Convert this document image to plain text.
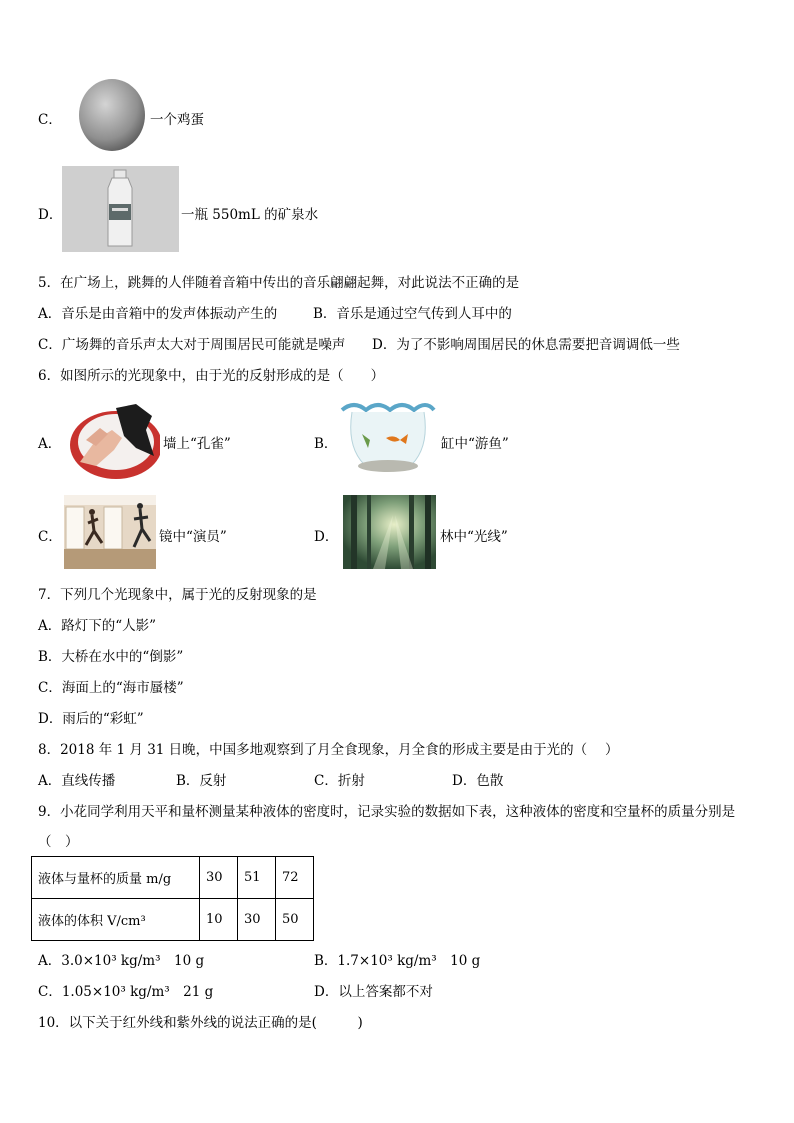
C．	一个鸡蛋
D．	一瓶 550mL 的矿泉水
5．在广场上，跳舞的人伴随着音箱中传出的音乐翩翩起舞，对此说法不正确的是
A．音乐是由音箱中的发声体振动产生的	B．音乐是通过空气传到人耳中的
C．广场舞的音乐声太大对于周围居民可能就是噪声 D．为了不影响周围居民的休息需要把音调调低一些
6．如图所示的光现象中，由于光的反射形成的是（　　）
A．	墙上“孔雀”	B．	缸中“游鱼”
C．	镜中“演员”	D．	林中“光线”
7．下列几个光现象中，属于光的反射现象的是
A．路灯下的“人影”
B．大桥在水中的“倒影”
C．海面上的“海市蜃楼”
D．雨后的“彩虹”
8．2018 年 1 月 31 日晚，中国多地观察到了月全食现象，月全食的形成主要是由于光的（　 ）
A．直线传播	B．反射	C．折射	D．色散
9．小花同学利用天平和量杯测量某种液体的密度时，记录实验的数据如下表，这种液体的密度和空量杯的质量分别是
（　）
液体与量杯的质量 m/g	30	51	72
液体的体积 V/cm³	10	30	50
A．3.0×10³ kg/m³　10 g	B．1.7×10³ kg/m³　10 g
C．1.05×10³ kg/m³　21 g	D．以上答案都不对
10．以下关于红外线和紫外线的说法正确的是(　　　)
